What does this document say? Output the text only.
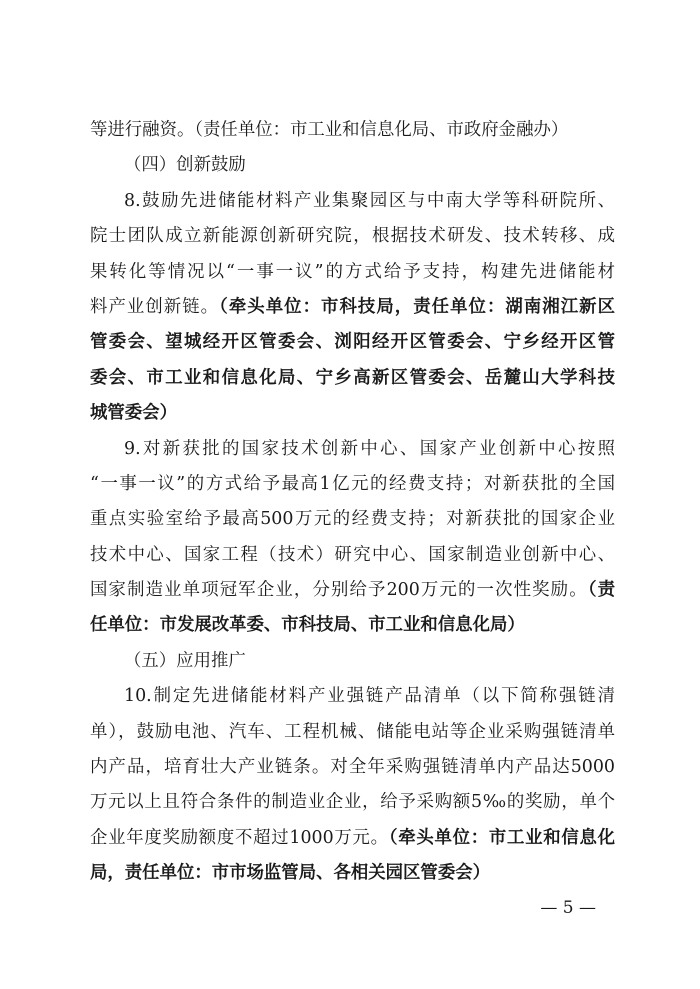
等进行融资。（责任单位：市工业和信息化局、市政府金融办）
（四）创新鼓励
8.鼓励先进储能材料产业集聚园区与中南大学等科研院所、
院士团队成立新能源创新研究院，根据技术研发、技术转移、成
果转化等情况以“一事一议”的方式给予支持，构建先进储能材
料产业创新链。（牵头单位：市科技局，责任单位：湖南湘江新区
管委会、望城经开区管委会、浏阳经开区管委会、宁乡经开区管
委会、市工业和信息化局、宁乡高新区管委会、岳麓山大学科技
城管委会）
9.对新获批的国家技术创新中心、国家产业创新中心按照
“一事一议”的方式给予最高1亿元的经费支持；对新获批的全国
重点实验室给予最高500万元的经费支持；对新获批的国家企业
技术中心、国家工程（技术）研究中心、国家制造业创新中心、
国家制造业单项冠军企业，分别给予200万元的一次性奖励。（责
任单位：市发展改革委、市科技局、市工业和信息化局）
（五）应用推广
10.制定先进储能材料产业强链产品清单（以下简称强链清
单），鼓励电池、汽车、工程机械、储能电站等企业采购强链清单
内产品，培育壮大产业链条。对全年采购强链清单内产品达5000
万元以上且符合条件的制造业企业，给予采购额5‰的奖励，单个
企业年度奖励额度不超过1000万元。（牵头单位：市工业和信息化
局，责任单位：市市场监管局、各相关园区管委会）
— 5 —
